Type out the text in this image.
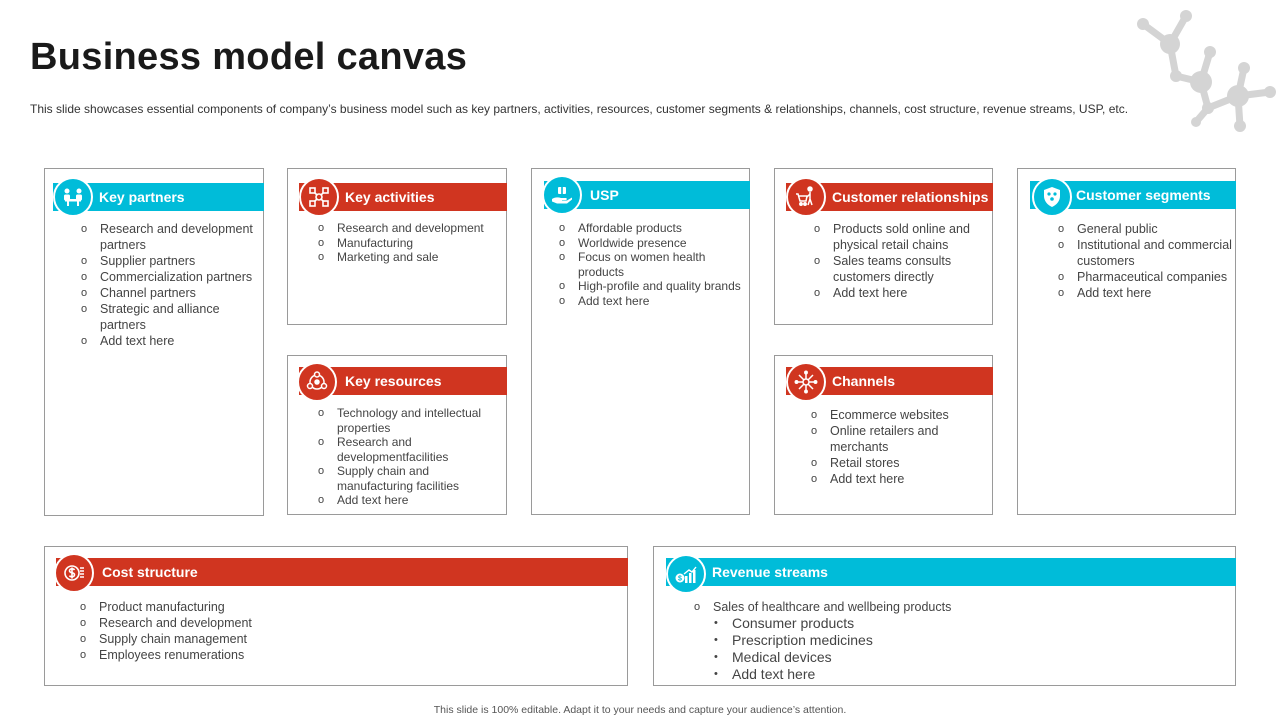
Business model canvas
This slide showcases essential components of company’s business model such as key partners, activities, resources, customer segments & relationships, channels, cost structure, revenue streams, USP, etc.
Key partners
o Research and development partners
o Supplier partners
o Commercialization partners
o Channel partners
o Strategic and alliance partners
o Add text here
Key activities
o Research and development
o Manufacturing
o Marketing and sale
Key resources
o Technology and intellectual properties
o Research and developmentfacilities
o Supply chain and manufacturing facilities
o Add text here
USP
o Affordable products
o Worldwide presence
o Focus on women health products
o High-profile and quality brands
o Add text here
Customer relationships
o Products sold online and physical retail chains
o Sales teams consults customers directly
o Add text here
Channels
o Ecommerce websites
o Online retailers and merchants
o Retail stores
o Add text here
Customer segments
o General public
o Institutional and commercial customers
o Pharmaceutical companies
o Add text here
Cost structure
o Product manufacturing
o Research and development
o Supply chain management
o Employees renumerations
Revenue streams
$
o Sales of healthcare and wellbeing products
• Consumer products
• Prescription medicines
• Medical devices
• Add text here
This slide is 100% editable. Adapt it to your needs and capture your audience’s attention.
